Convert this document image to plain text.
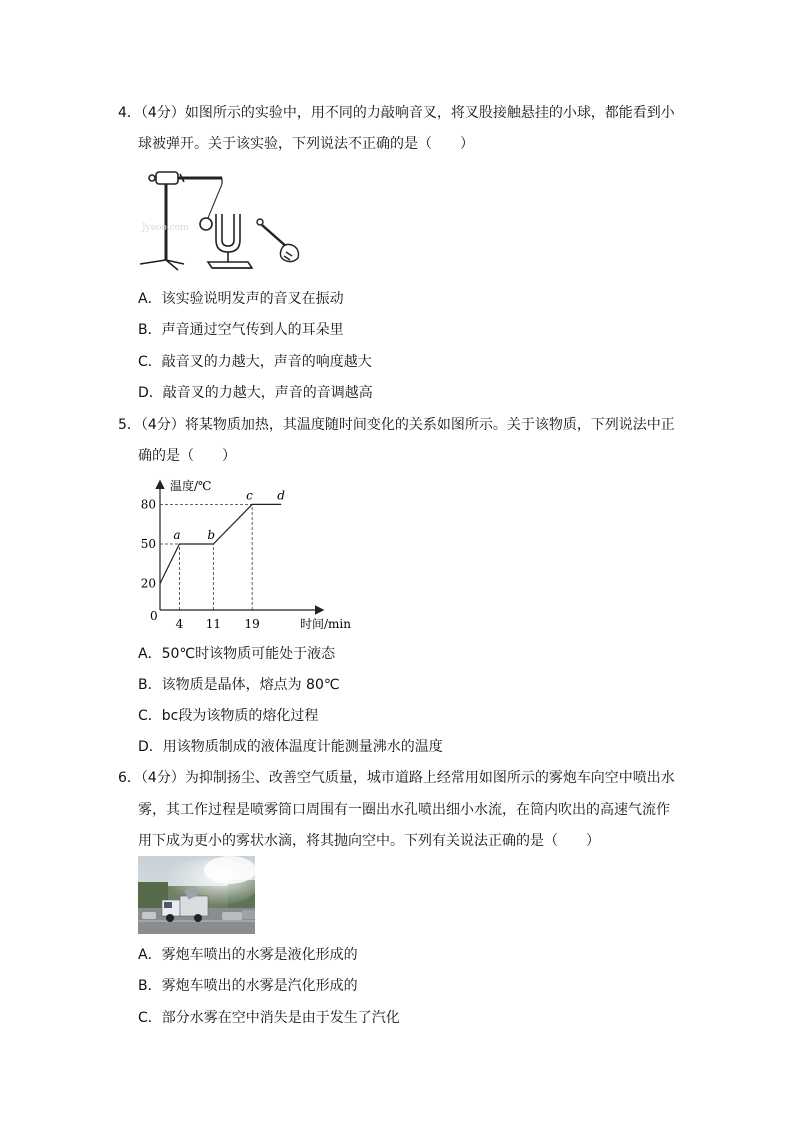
4．（4分）如图所示的实验中，用不同的力敲响音叉，将叉股接触悬挂的小球，都能看到小
球被弹开。关于该实验，下列说法不正确的是（　　）
Jyeoo.com
A．该实验说明发声的音叉在振动
B．声音通过空气传到人的耳朵里
C．敲音叉的力越大，声音的响度越大
D．敲音叉的力越大，声音的音调越高
5．（4分）将某物质加热，其温度随时间变化的关系如图所示。关于该物质，下列说法中正
确的是（　　）
温度/℃
时间/min
0
20
50
80
4 11 19
a b
c d
A．50℃时该物质可能处于液态
B．该物质是晶体，熔点为 80℃
C．bc段为该物质的熔化过程
D．用该物质制成的液体温度计能测量沸水的温度
6．（4分）为抑制扬尘、改善空气质量，城市道路上经常用如图所示的雾炮车向空中喷出水
雾，其工作过程是喷雾筒口周围有一圈出水孔喷出细小水流，在筒内吹出的高速气流作
用下成为更小的雾状水滴，将其抛向空中。下列有关说法正确的是（　　）
A．雾炮车喷出的水雾是液化形成的
B．雾炮车喷出的水雾是汽化形成的
C．部分水雾在空中消失是由于发生了汽化
